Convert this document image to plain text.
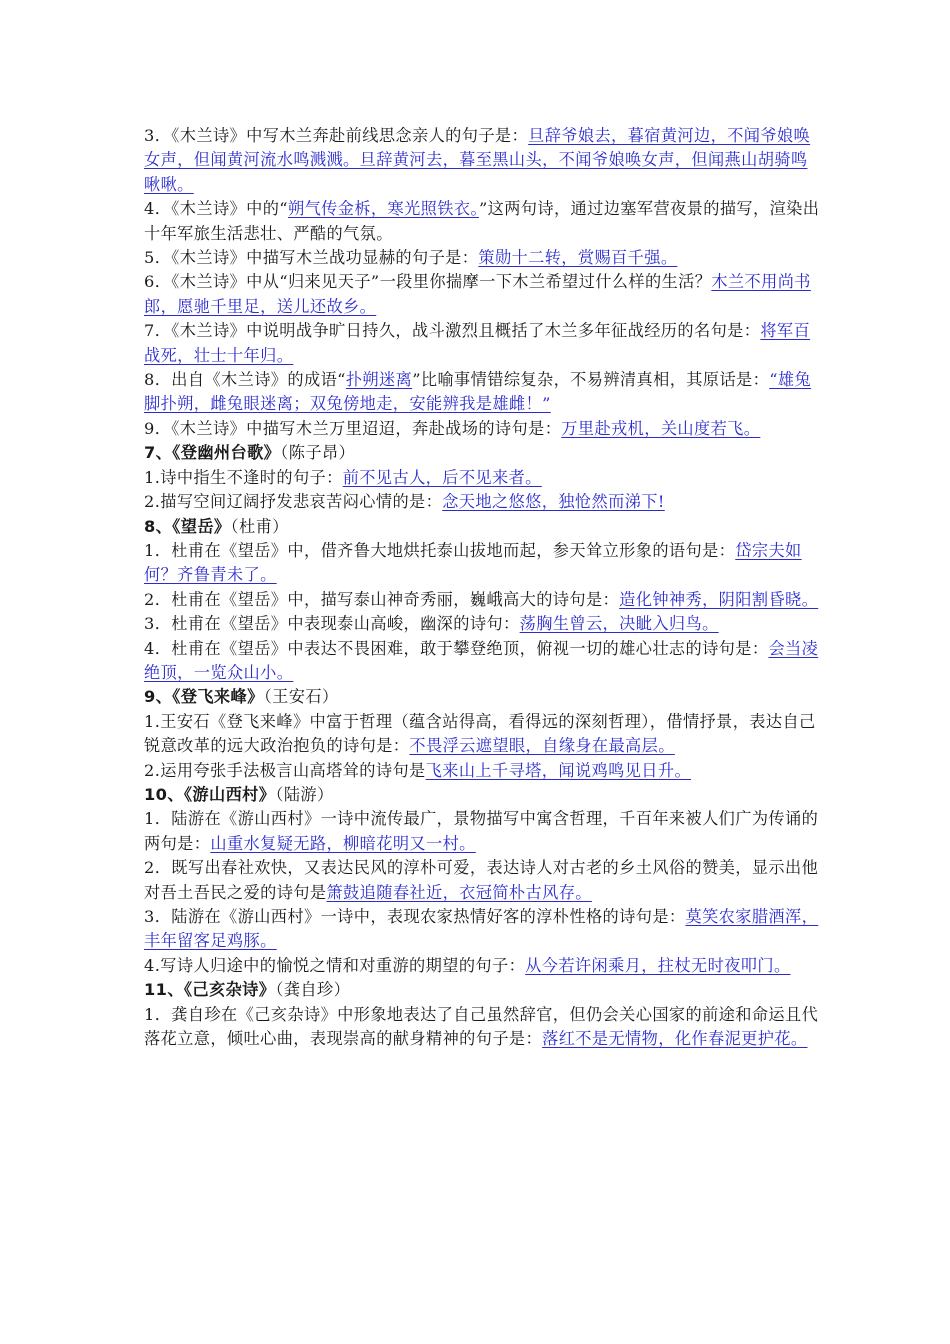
3．《木兰诗》中写木兰奔赴前线思念亲人的句子是：旦辞爷娘去，暮宿黄河边，不闻爷娘唤女声，但闻黄河流水鸣溅溅。旦辞黄河去，暮至黑山头，不闻爷娘唤女声，但闻燕山胡骑鸣啾啾。

4．《木兰诗》中的“朔气传金柝，寒光照铁衣。”这两句诗，通过边塞军营夜景的描写，渲染出十年军旅生活悲壮、严酷的气氛。

5．《木兰诗》中描写木兰战功显赫的句子是：策勋十二转，赏赐百千强。

6．《木兰诗》中从“归来见天子”一段里你揣摩一下木兰希望过什么样的生活？木兰不用尚书郎，愿驰千里足，送儿还故乡。

7．《木兰诗》中说明战争旷日持久，战斗激烈且概括了木兰多年征战经历的名句是：将军百战死，壮士十年归。

8．出自《木兰诗》的成语“扑朔迷离”比喻事情错综复杂，不易辨清真相，其原话是：“雄兔脚扑朔，雌兔眼迷离；双兔傍地走，安能辨我是雄雌！”

9．《木兰诗》中描写木兰万里迢迢，奔赴战场的诗句是：万里赴戎机，关山度若飞。

7、《登幽州台歌》（陈子昂）

1.诗中指生不逢时的句子：前不见古人，后不见来者。

2.描写空间辽阔抒发悲哀苦闷心情的是：念天地之悠悠，独怆然而涕下!

8、《望岳》（杜甫）

1．杜甫在《望岳》中，借齐鲁大地烘托泰山拔地而起，参天耸立形象的语句是：岱宗夫如何？齐鲁青未了。

2．杜甫在《望岳》中，描写泰山神奇秀丽，巍峨高大的诗句是：造化钟神秀，阴阳割昏晓。

3．杜甫在《望岳》中表现泰山高峻，幽深的诗句：荡胸生曾云，决眦入归鸟。

4．杜甫在《望岳》中表达不畏困难，敢于攀登绝顶，俯视一切的雄心壮志的诗句是：会当凌绝顶，一览众山小。

9、《登飞来峰》（王安石）

1.王安石《登飞来峰》中富于哲理（蕴含站得高，看得远的深刻哲理），借情抒景，表达自己锐意改革的远大政治抱负的诗句是：不畏浮云遮望眼，自缘身在最高层。

2.运用夸张手法极言山高塔耸的诗句是飞来山上千寻塔，闻说鸡鸣见日升。

10、《游山西村》（陆游）

1．陆游在《游山西村》一诗中流传最广，景物描写中寓含哲理，千百年来被人们广为传诵的两句是：山重水复疑无路，柳暗花明又一村。

2．既写出春社欢快，又表达民风的淳朴可爱，表达诗人对古老的乡土风俗的赞美，显示出他对吾土吾民之爱的诗句是箫鼓追随春社近，衣冠简朴古风存。

3．陆游在《游山西村》一诗中，表现农家热情好客的淳朴性格的诗句是：莫笑农家腊酒浑，丰年留客足鸡豚。

4.写诗人归途中的愉悦之情和对重游的期望的句子：从今若许闲乘月，拄杖无时夜叩门。

11、《己亥杂诗》（龚自珍）

1．龚自珍在《己亥杂诗》中形象地表达了自己虽然辞官，但仍会关心国家的前途和命运且代落花立意，倾吐心曲，表现崇高的献身精神的句子是：落红不是无情物，化作春泥更护花。
